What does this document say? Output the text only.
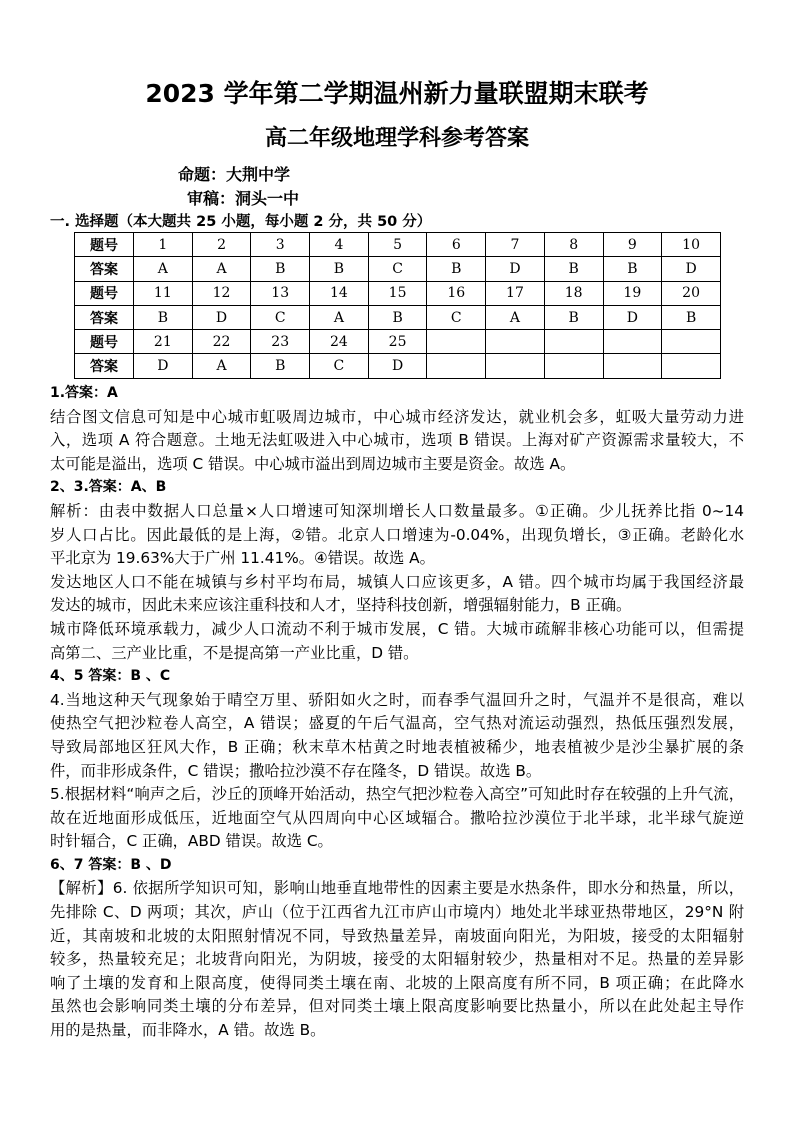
2023 学年第二学期温州新力量联盟期末联考
高二年级地理学科参考答案
命题：大荆中学
审稿：洞头一中
一. 选择题（本大题共 25 小题，每小题 2 分，共 50 分）
题号	1	2	3	4	5	6	7	8	9	10
答案	A	A	B	B	C	B	D	B	B	D
题号	11	12	13	14	15	16	17	18	19	20
答案	B	D	C	A	B	C	A	B	D	B
题号	21	22	23	24	25					
答案	D	A	B	C	D					
1.答案：A
结合图文信息可知是中心城市虹吸周边城市，中心城市经济发达，就业机会多，虹吸大量劳动力进
入，选项 A 符合题意。土地无法虹吸进入中心城市，选项 B 错误。上海对矿产资源需求量较大，不
太可能是溢出，选项 C 错误。中心城市溢出到周边城市主要是资金。故选 A。
2、3.答案：A、B
解析：由表中数据人口总量×人口增速可知深圳增长人口数量最多。①正确。少儿抚养比指 0~14
岁人口占比。因此最低的是上海，②错。北京人口增速为-0.04%，出现负增长，③正确。老龄化水
平北京为 19.63%大于广州 11.41%。④错误。故选 A。
发达地区人口不能在城镇与乡村平均布局，城镇人口应该更多，A 错。四个城市均属于我国经济最
发达的城市，因此未来应该注重科技和人才，坚持科技创新，增强辐射能力，B 正确。
城市降低环境承载力，减少人口流动不利于城市发展，C 错。大城市疏解非核心功能可以，但需提
高第二、三产业比重，不是提高第一产业比重，D 错。
4、5 答案：B 、C
4.当地这种天气现象始于晴空万里、骄阳如火之时，而春季气温回升之时，气温并不是很高，难以
使热空气把沙粒卷人高空，A 错误；盛夏的午后气温高，空气热对流运动强烈，热低压强烈发展，
导致局部地区狂风大作，B 正确；秋末草木枯黄之时地表植被稀少，地表植被少是沙尘暴扩展的条
件，而非形成条件，C 错误；撒哈拉沙漠不存在隆冬，D 错误。故选 B。
5.根据材料“响声之后，沙丘的顶峰开始活动，热空气把沙粒卷入高空”可知此时存在较强的上升气流，
故在近地面形成低压，近地面空气从四周向中心区域辐合。撒哈拉沙漠位于北半球，北半球气旋逆
时针辐合，C 正确，ABD 错误。故选 C。
6、7 答案：B 、D
【解析】6. 依据所学知识可知，影响山地垂直地带性的因素主要是水热条件，即水分和热量，所以，
先排除 C、D 两项；其次，庐山（位于江西省九江市庐山市境内）地处北半球亚热带地区，29°N 附
近，其南坡和北坡的太阳照射情况不同，导致热量差异，南坡面向阳光，为阳坡，接受的太阳辐射
较多，热量较充足；北坡背向阳光，为阴坡，接受的太阳辐射较少，热量相对不足。热量的差异影
响了土壤的发育和上限高度，使得同类土壤在南、北坡的上限高度有所不同，B 项正确；在此降水
虽然也会影响同类土壤的分布差异，但对同类土壤上限高度影响要比热量小，所以在此处起主导作
用的是热量，而非降水，A 错。故选 B。
